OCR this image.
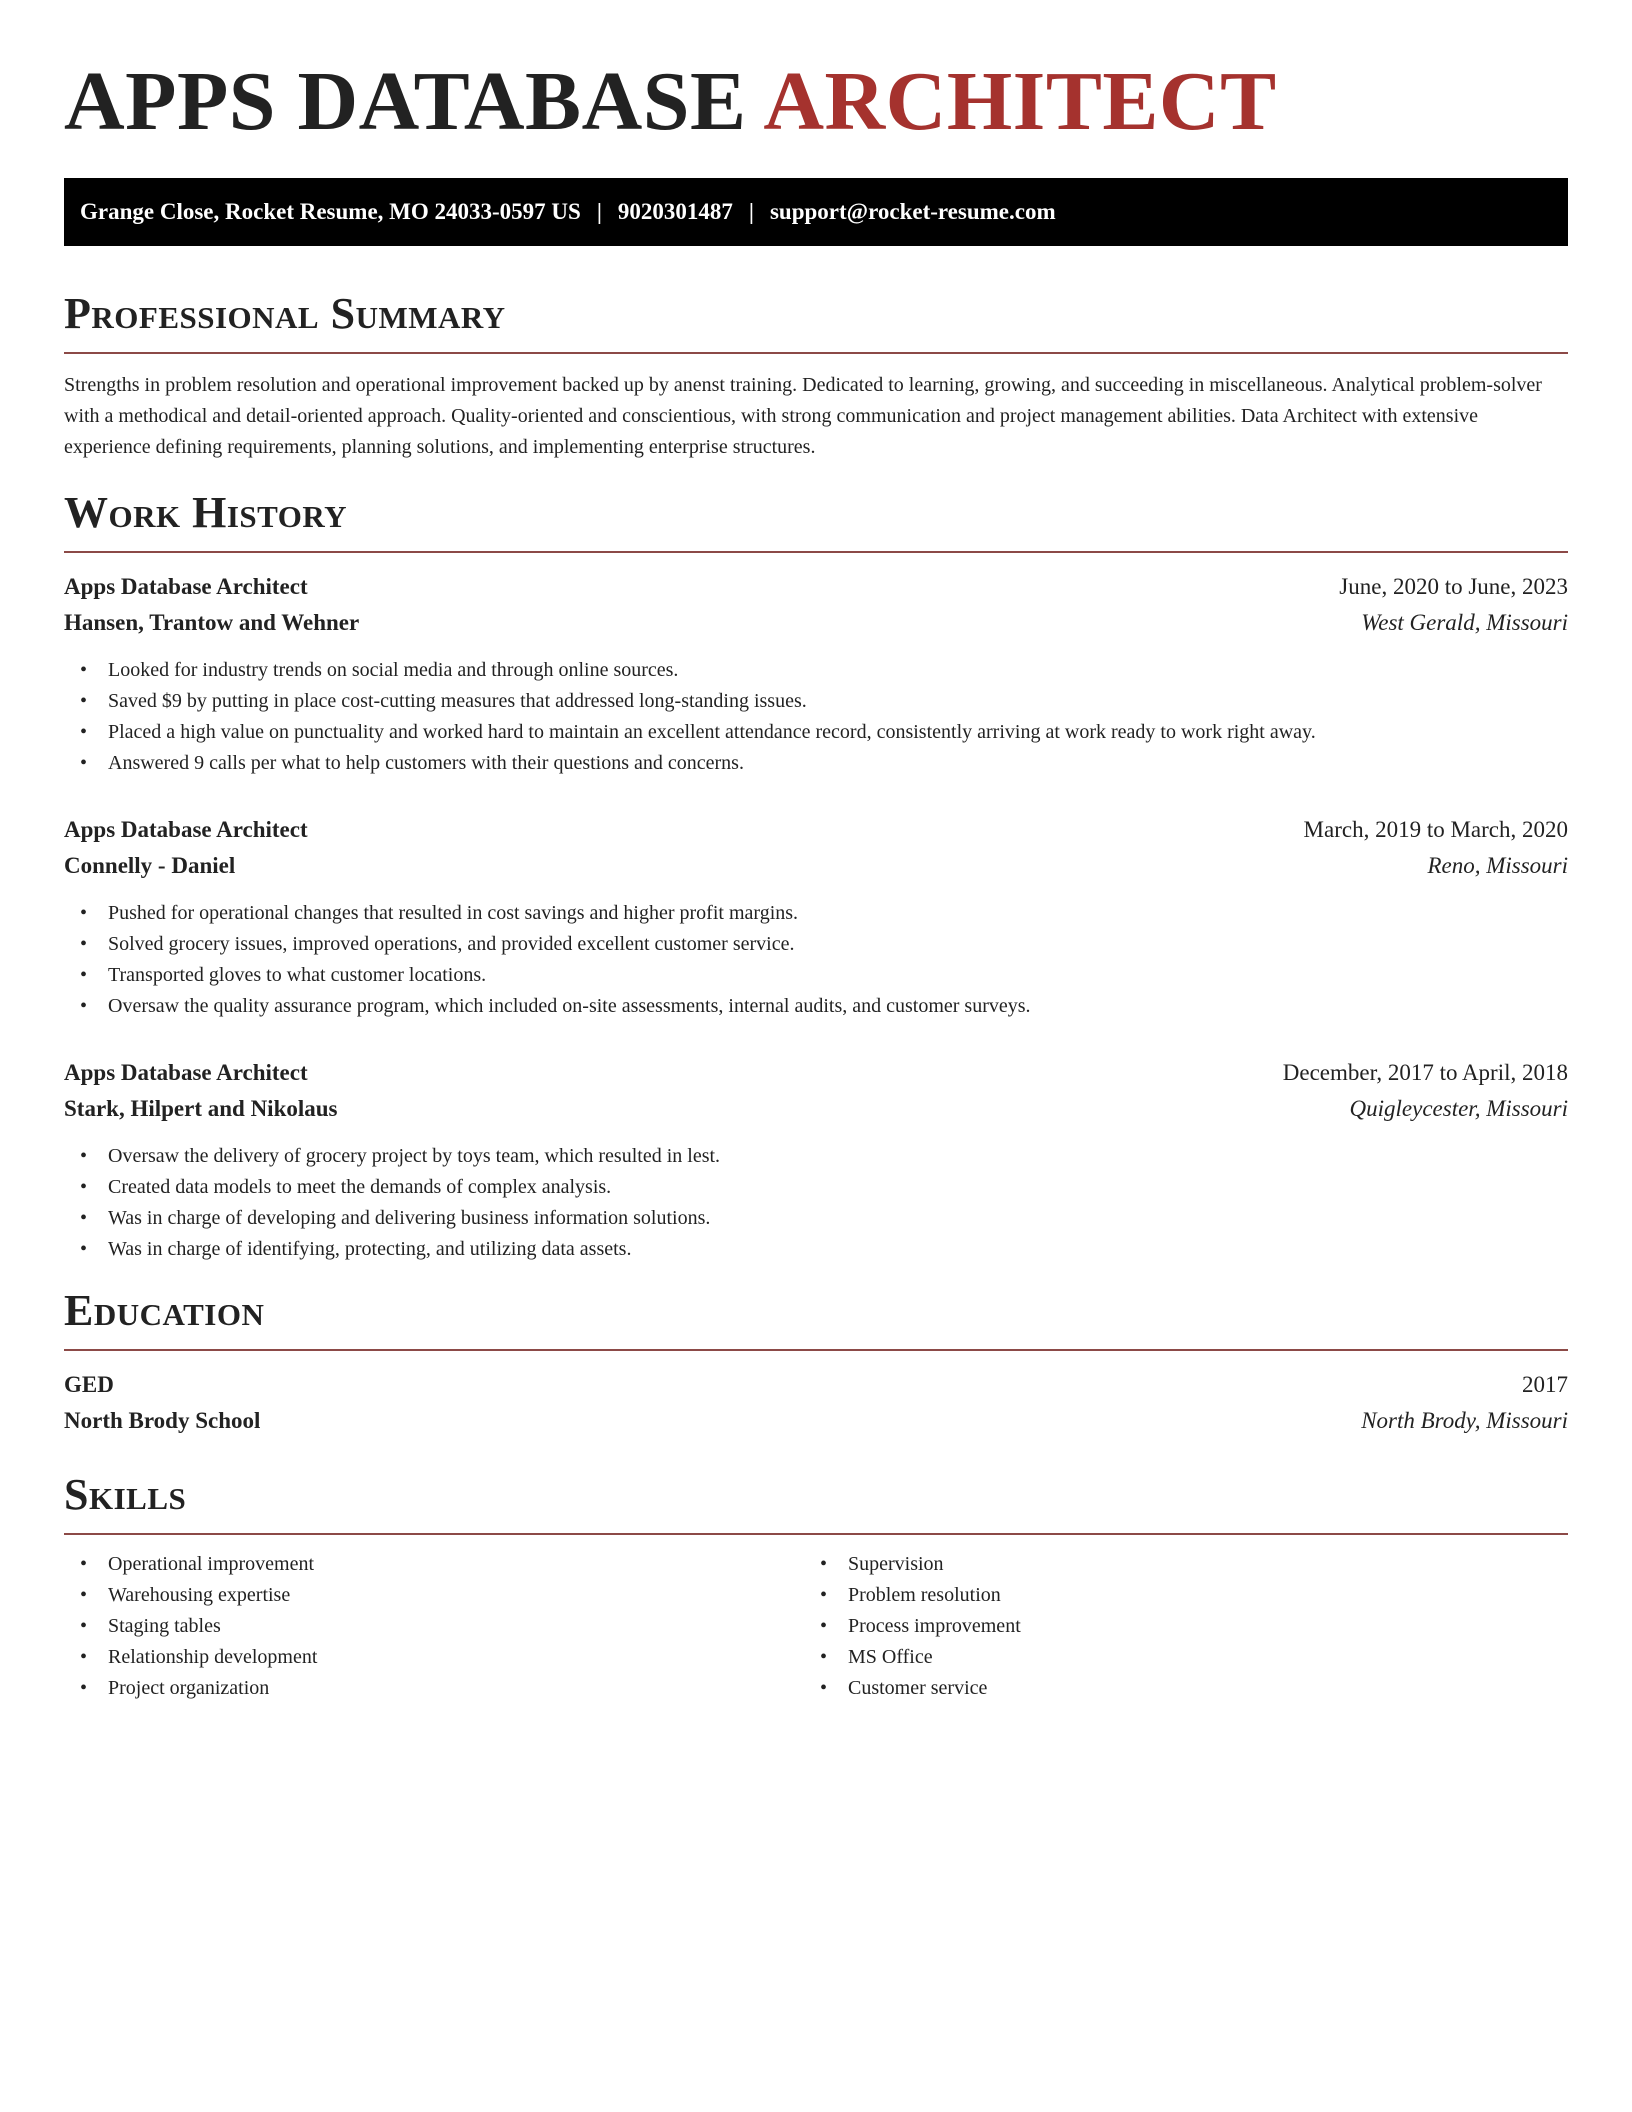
APPS DATABASE ARCHITECT
Grange Close, Rocket Resume, MO 24033-0597 US | 9020301487 | support@rocket-resume.com
Professional Summary

Strengths in problem resolution and operational improvement backed up by anenst training. Dedicated to learning, growing, and succeeding in miscellaneous. Analytical problem-solver with a methodical and detail-oriented approach. Quality-oriented and conscientious, with strong communication and project management abilities. Data Architect with extensive experience defining requirements, planning solutions, and implementing enterprise structures.

Work History
Apps Database Architect	June, 2020 to June, 2023
Hansen, Trantow and Wehner	West Gerald, Missouri
• Looked for industry trends on social media and through online sources.
• Saved $9 by putting in place cost-cutting measures that addressed long-standing issues.
• Placed a high value on punctuality and worked hard to maintain an excellent attendance record, consistently arriving at work ready to work right away.
• Answered 9 calls per what to help customers with their questions and concerns.
Apps Database Architect	March, 2019 to March, 2020
Connelly - Daniel	Reno, Missouri
• Pushed for operational changes that resulted in cost savings and higher profit margins.
• Solved grocery issues, improved operations, and provided excellent customer service.
• Transported gloves to what customer locations.
• Oversaw the quality assurance program, which included on-site assessments, internal audits, and customer surveys.
Apps Database Architect	December, 2017 to April, 2018
Stark, Hilpert and Nikolaus	Quigleycester, Missouri
• Oversaw the delivery of grocery project by toys team, which resulted in lest.
• Created data models to meet the demands of complex analysis.
• Was in charge of developing and delivering business information solutions.
• Was in charge of identifying, protecting, and utilizing data assets.
Education
GED	2017
North Brody School	North Brody, Missouri
Skills
• Operational improvement
• Warehousing expertise
• Staging tables
• Relationship development
• Project organization
• Supervision
• Problem resolution
• Process improvement
• MS Office
• Customer service
